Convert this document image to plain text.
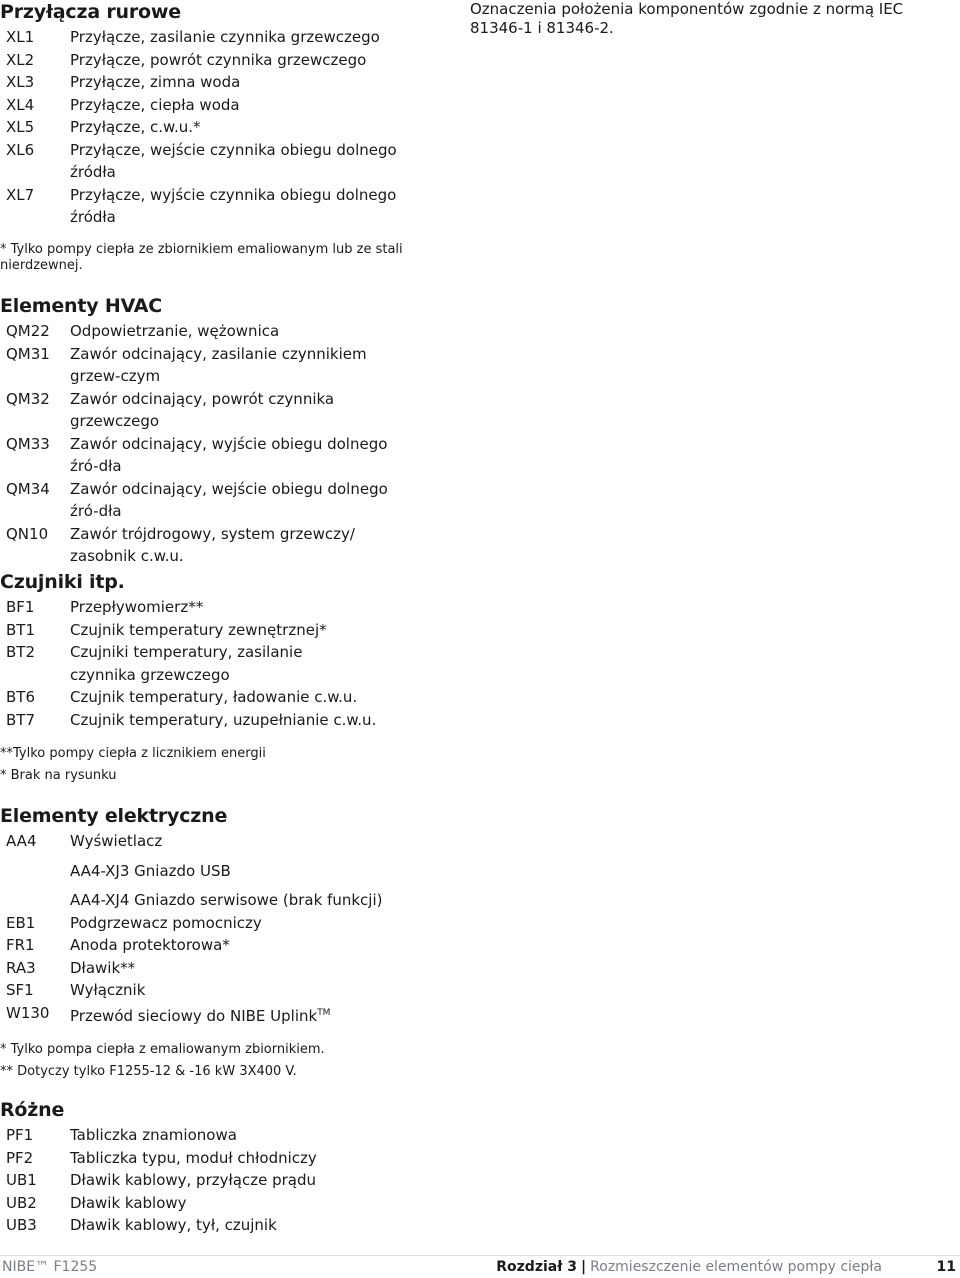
Oznaczenia położenia komponentów zgodnie z normą IEC 81346-1 i 81346-2.
Przyłącza rurowe
XL1	Przyłącze, zasilanie czynnika grzewczego
XL2	Przyłącze, powrót czynnika grzewczego
XL3	Przyłącze, zimna woda
XL4	Przyłącze, ciepła woda
XL5	Przyłącze, c.w.u.*
XL6	Przyłącze, wejście czynnika obiegu dolnego źródła
XL7	Przyłącze, wyjście czynnika obiegu dolnego źródła
* Tylko pompy ciepła ze zbiornikiem emaliowanym lub ze stali nierdzewnej.
Elementy HVAC
QM22	Odpowietrzanie, wężownica
QM31	Zawór odcinający, zasilanie czynnikiem grzew-czym
QM32	Zawór odcinający, powrót czynnika grzewczego
QM33	Zawór odcinający, wyjście obiegu dolnego źró-dła
QM34	Zawór odcinający, wejście obiegu dolnego źró-dła
QN10	Zawór trójdrogowy, system grzewczy/ zasobnik c.w.u.
Czujniki itp.
BF1	Przepływomierz**
BT1	Czujnik temperatury zewnętrznej*
BT2	Czujniki temperatury, zasilanie czynnika grzewczego
BT6	Czujnik temperatury, ładowanie c.w.u.
BT7	Czujnik temperatury, uzupełnianie c.w.u.
**Tylko pompy ciepła z licznikiem energii
* Brak na rysunku
Elementy elektryczne
AA4	Wyświetlacz
AA4-XJ3 Gniazdo USB
AA4-XJ4 Gniazdo serwisowe (brak funkcji)
EB1	Podgrzewacz pomocniczy
FR1	Anoda protektorowa*
RA3	Dławik**
SF1	Wyłącznik
W130	Przewód sieciowy do NIBE Uplink™
* Tylko pompa ciepła z emaliowanym zbiornikiem.
** Dotyczy tylko F1255-12 & -16 kW 3X400 V.
Różne
PF1	Tabliczka znamionowa
PF2	Tabliczka typu, moduł chłodniczy
UB1	Dławik kablowy, przyłącze prądu
UB2	Dławik kablowy
UB3	Dławik kablowy, tył, czujnik
NIBE™ F1255	Rozdział 3 | Rozmieszczenie elementów pompy ciepła	11
